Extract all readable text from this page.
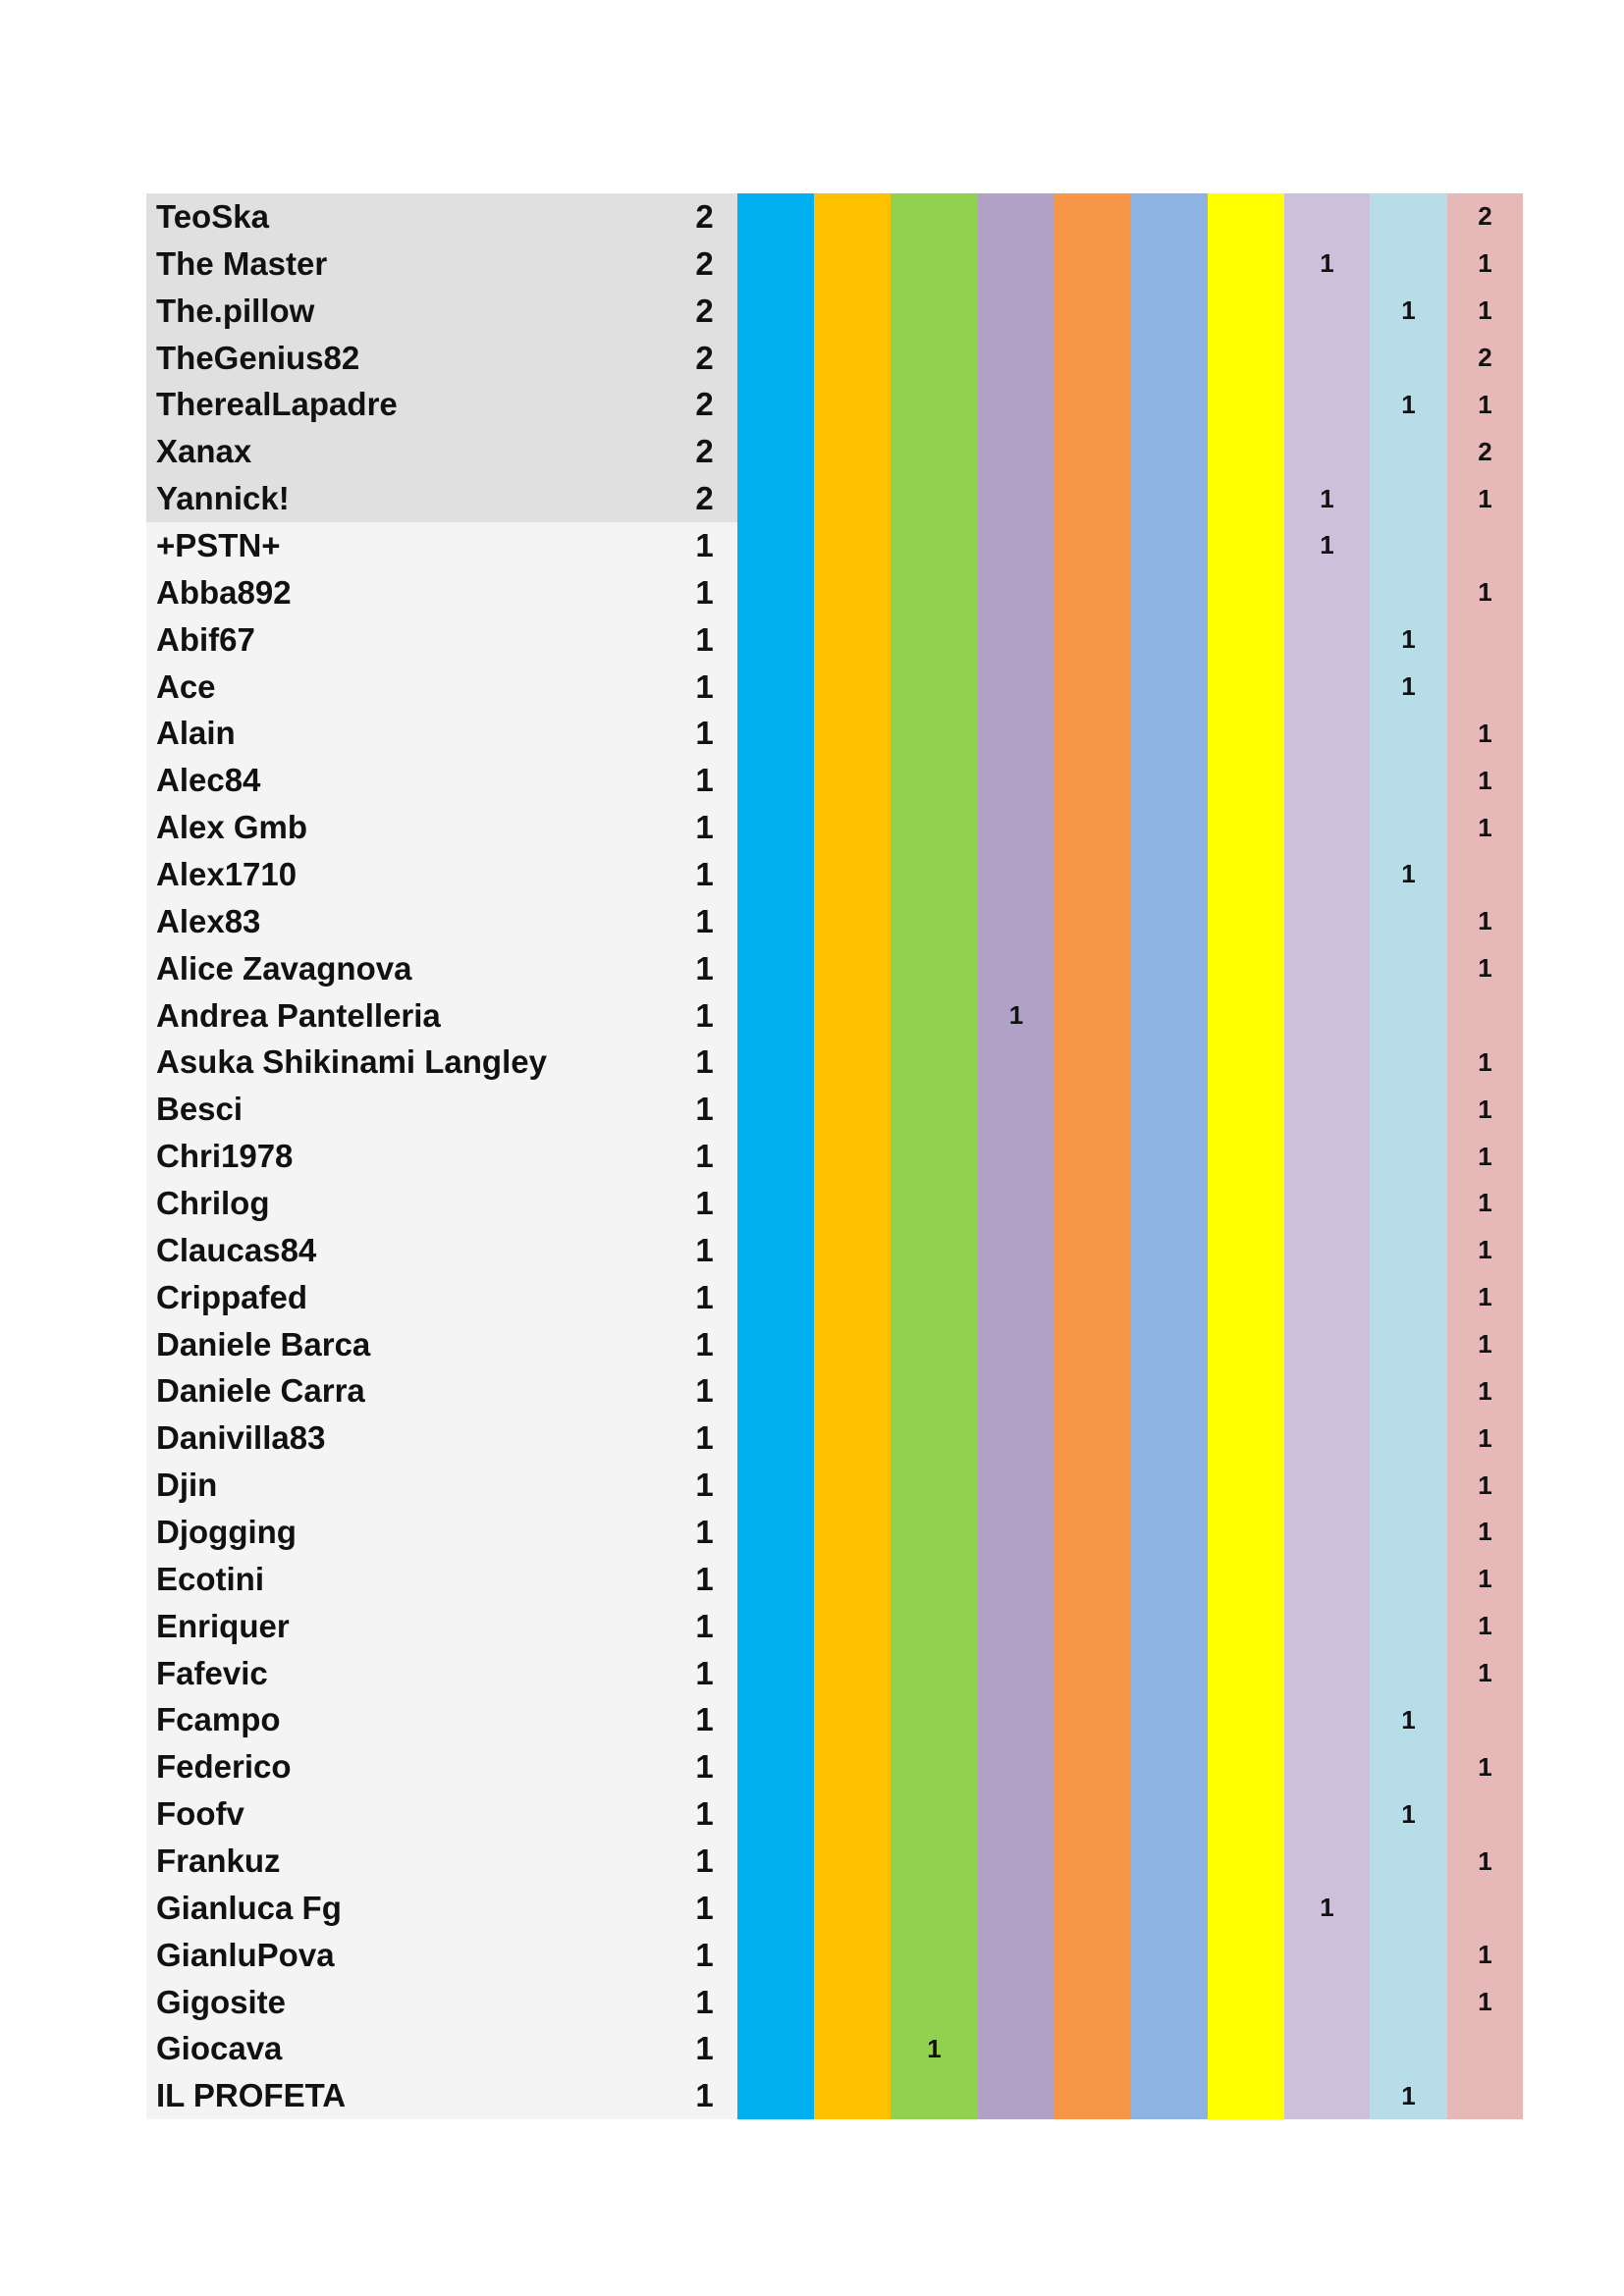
TeoSka	2										2
The Master	2								1		1
The.pillow	2									1	1
TheGenius82	2										2
TherealLapadre	2									1	1
Xanax	2										2
Yannick!	2								1		1
+PSTN+	1								1		
Abba892	1										1
Abif67	1									1	
Ace	1									1	
Alain	1										1
Alec84	1										1
Alex Gmb	1										1
Alex1710	1									1	
Alex83	1										1
Alice Zavagnova	1										1
Andrea Pantelleria	1				1						
Asuka Shikinami Langley	1										1
Besci	1										1
Chri1978	1										1
Chrilog	1										1
Claucas84	1										1
Crippafed	1										1
Daniele Barca	1										1
Daniele Carra	1										1
Danivilla83	1										1
Djin	1										1
Djogging	1										1
Ecotini	1										1
Enriquer	1										1
Fafevic	1										1
Fcampo	1									1	
Federico	1										1
Foofv	1									1	
Frankuz	1										1
Gianluca Fg	1								1		
GianluPova	1										1
Gigosite	1										1
Giocava	1			1							
IL PROFETA	1									1	
